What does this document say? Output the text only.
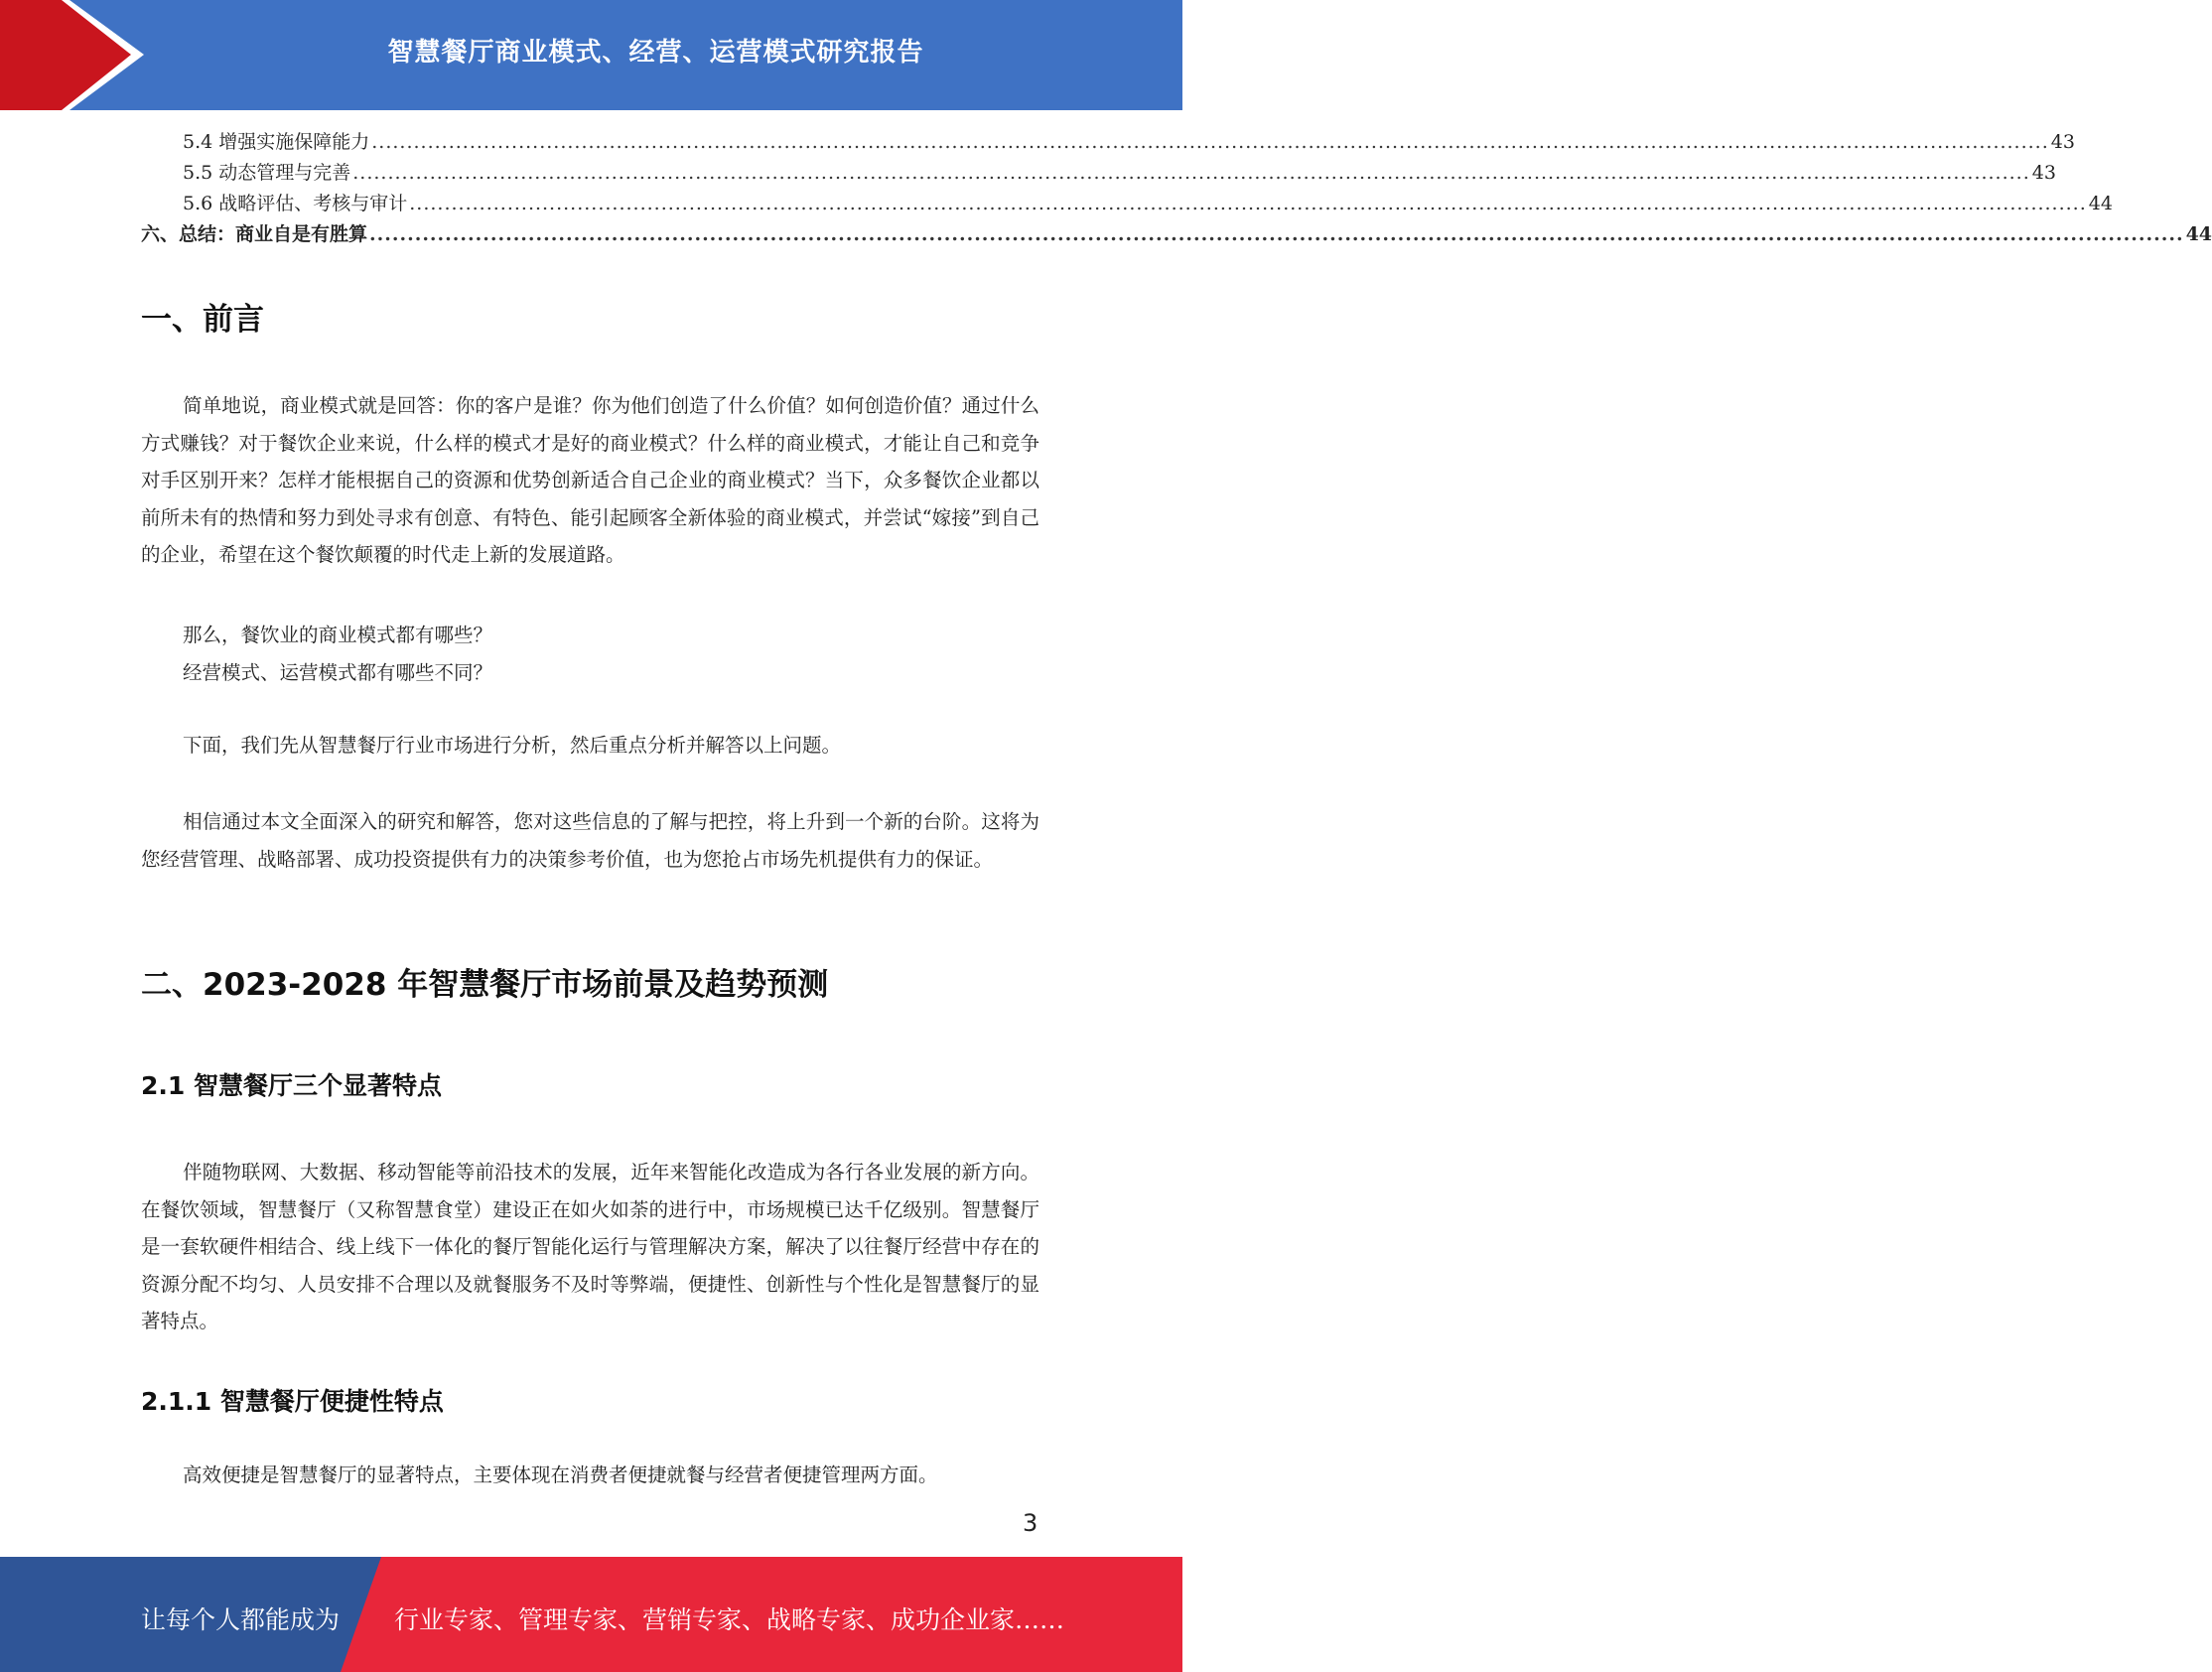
智慧餐厅商业模式、经营、运营模式研究报告
5.4 增强实施保障能力 ................................................................................................................................................................................................................................................ 43
5.5 动态管理与完善 ................................................................................................................................................................................................................................................ 43
5.6 战略评估、考核与审计 ................................................................................................................................................................................................................................................ 44
六、总结：商业自是有胜算 ................................................................................................................................................................................................................................................ 44
一、前言
简单地说，商业模式就是回答：你的客户是谁？你为他们创造了什么价值？如何创造价值？通过什么方式赚钱？对于餐饮企业来说，什么样的模式才是好的商业模式？什么样的商业模式，才能让自己和竞争对手区别开来？怎样才能根据自己的资源和优势创新适合自己企业的商业模式？当下，众多餐饮企业都以前所未有的热情和努力到处寻求有创意、有特色、能引起顾客全新体验的商业模式，并尝试“嫁接”到自己的企业，希望在这个餐饮颠覆的时代走上新的发展道路。
那么，餐饮业的商业模式都有哪些？
经营模式、运营模式都有哪些不同？
下面，我们先从智慧餐厅行业市场进行分析，然后重点分析并解答以上问题。
相信通过本文全面深入的研究和解答，您对这些信息的了解与把控，将上升到一个新的台阶。这将为您经营管理、战略部署、成功投资提供有力的决策参考价值，也为您抢占市场先机提供有力的保证。
二、2023-2028 年智慧餐厅市场前景及趋势预测
2.1 智慧餐厅三个显著特点
伴随物联网、大数据、移动智能等前沿技术的发展，近年来智能化改造成为各行各业发展的新方向。在餐饮领域，智慧餐厅（又称智慧食堂）建设正在如火如荼的进行中，市场规模已达千亿级别。智慧餐厅是一套软硬件相结合、线上线下一体化的餐厅智能化运行与管理解决方案，解决了以往餐厅经营中存在的资源分配不均匀、人员安排不合理以及就餐服务不及时等弊端，便捷性、创新性与个性化是智慧餐厅的显著特点。
2.1.1 智慧餐厅便捷性特点
高效便捷是智慧餐厅的显著特点，主要体现在消费者便捷就餐与经营者便捷管理两方面。
3
让每个人都能成为 行业专家、管理专家、营销专家、战略专家、成功企业家……
